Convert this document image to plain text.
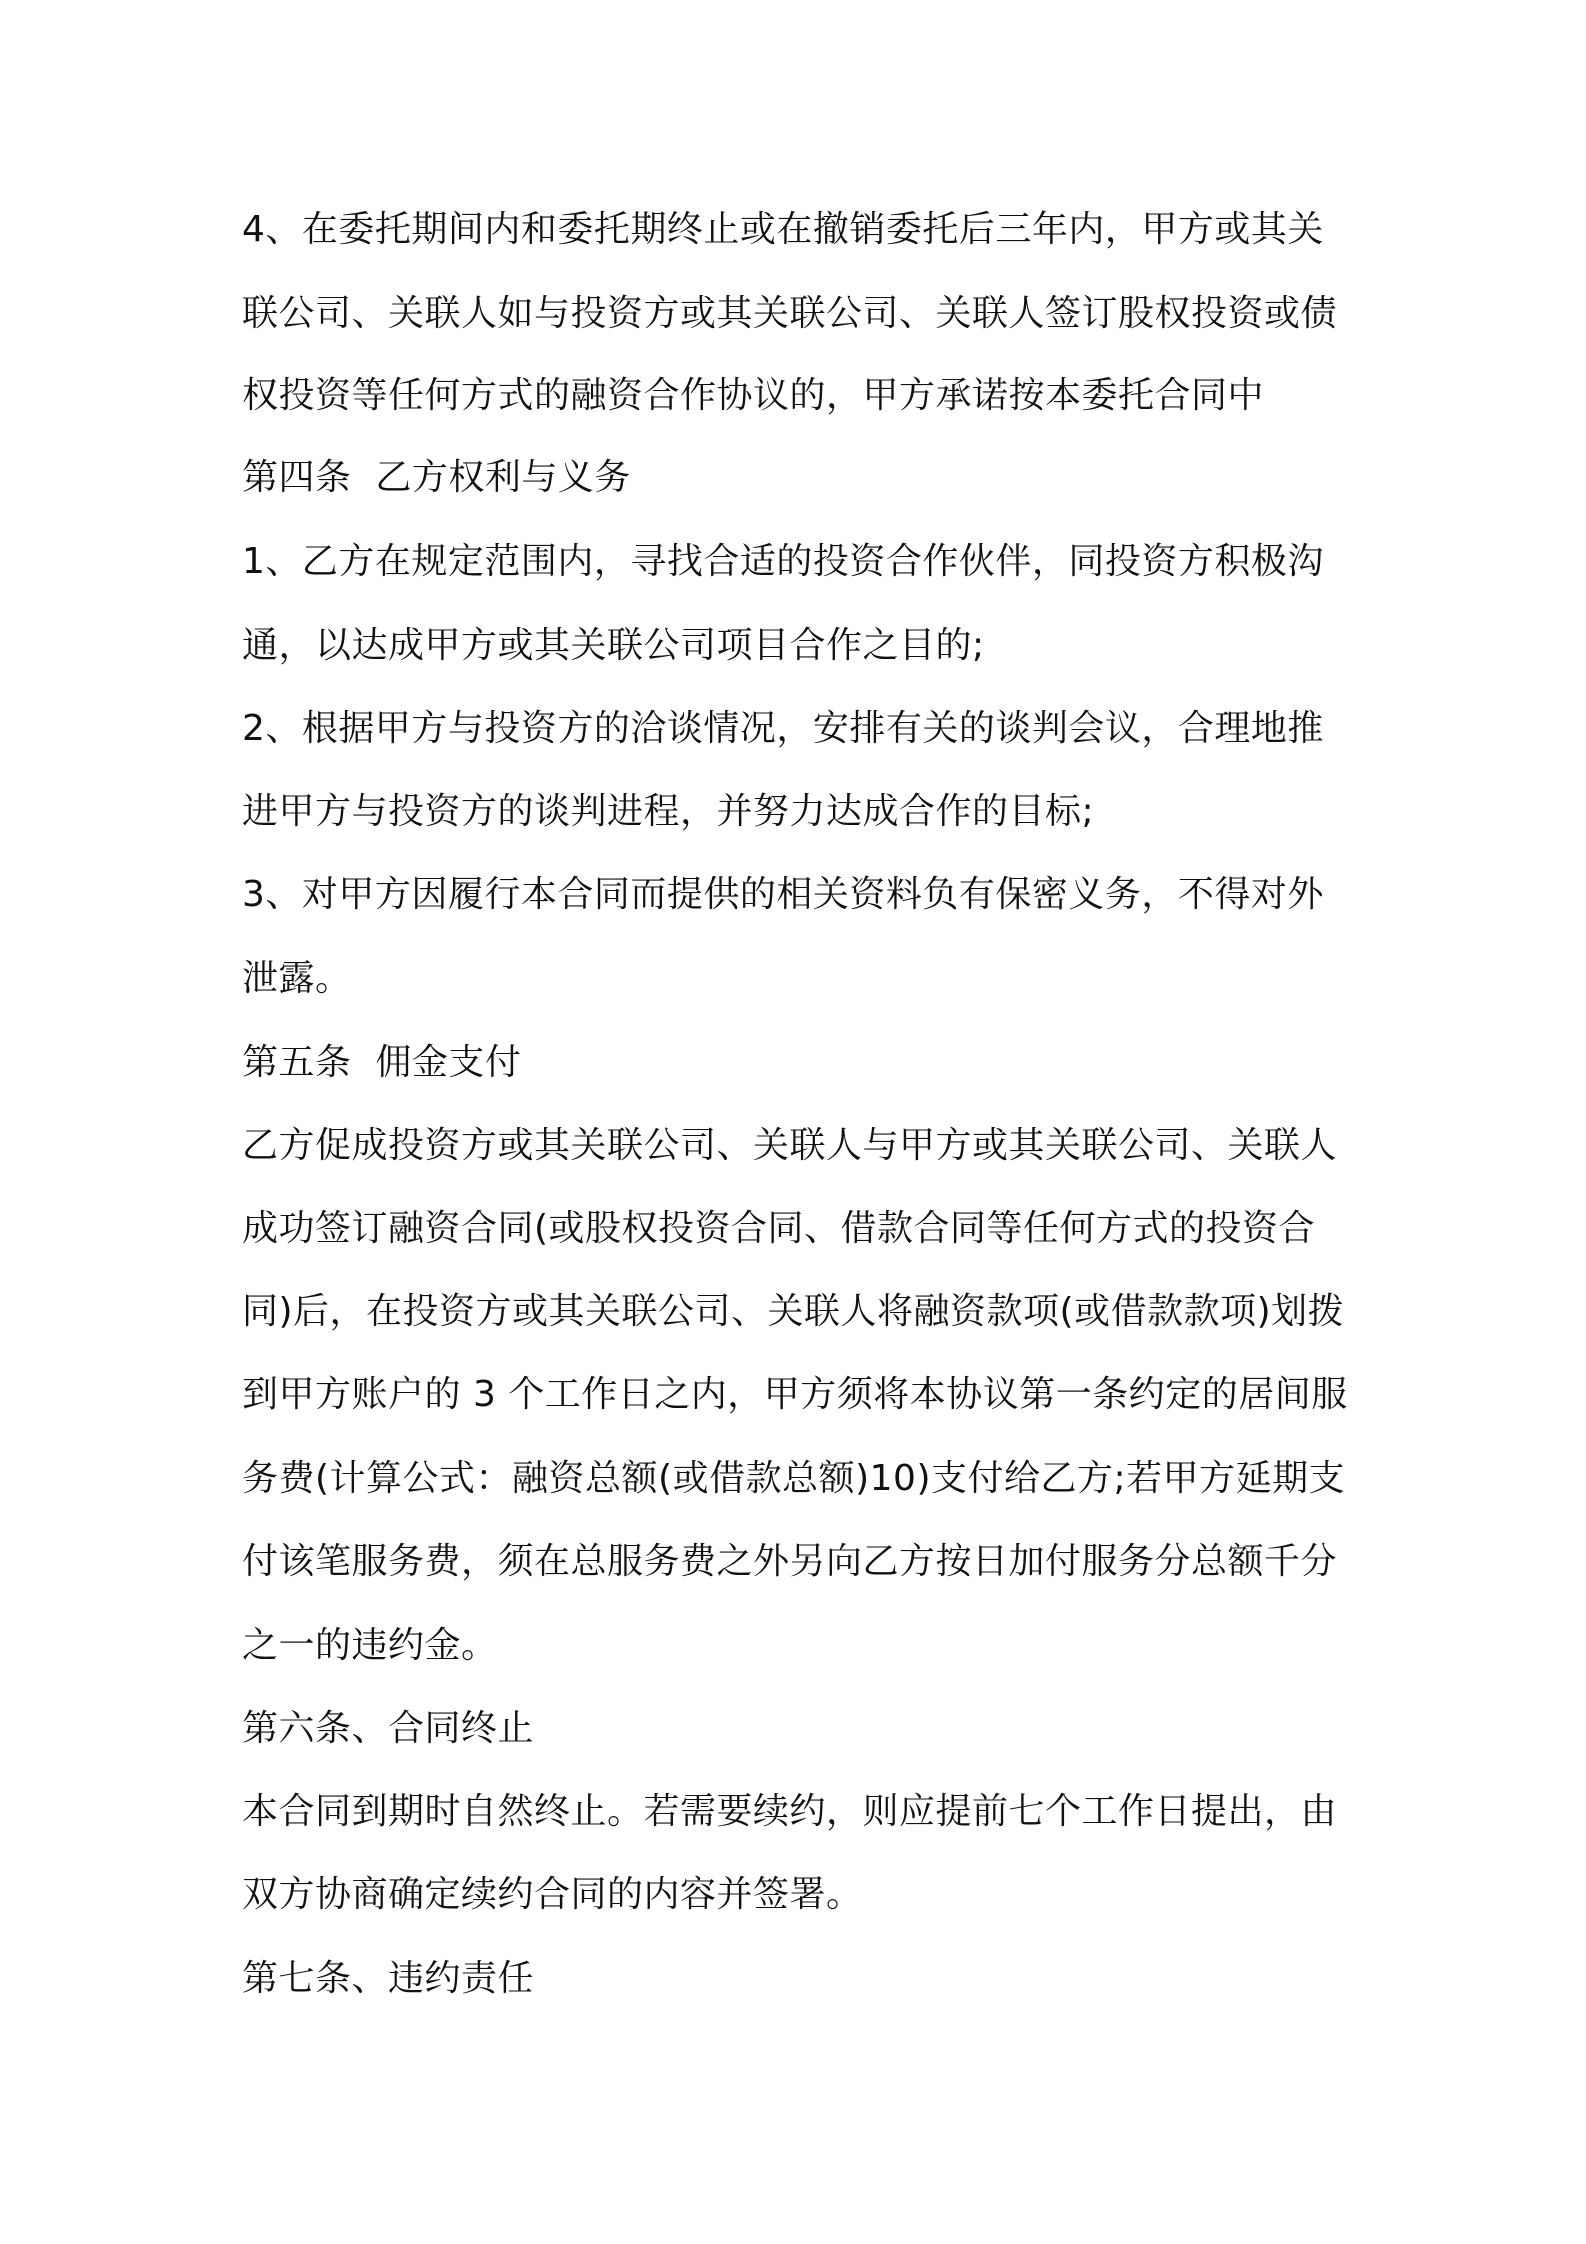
4、在委托期间内和委托期终止或在撤销委托后三年内，甲方或其关
联公司、关联人如与投资方或其关联公司、关联人签订股权投资或债
权投资等任何方式的融资合作协议的，甲方承诺按本委托合同中
第四条  乙方权利与义务
1、乙方在规定范围内，寻找合适的投资合作伙伴，同投资方积极沟
通，以达成甲方或其关联公司项目合作之目的;
2、根据甲方与投资方的洽谈情况，安排有关的谈判会议，合理地推
进甲方与投资方的谈判进程，并努力达成合作的目标;
3、对甲方因履行本合同而提供的相关资料负有保密义务，不得对外
泄露。
第五条  佣金支付
乙方促成投资方或其关联公司、关联人与甲方或其关联公司、关联人
成功签订融资合同(或股权投资合同、借款合同等任何方式的投资合
同)后，在投资方或其关联公司、关联人将融资款项(或借款款项)划拨
到甲方账户的 3 个工作日之内，甲方须将本协议第一条约定的居间服
务费(计算公式：融资总额(或借款总额)10)支付给乙方;若甲方延期支
付该笔服务费，须在总服务费之外另向乙方按日加付服务分总额千分
之一的违约金。
第六条、合同终止
本合同到期时自然终止。若需要续约，则应提前七个工作日提出，由
双方协商确定续约合同的内容并签署。
第七条、违约责任
